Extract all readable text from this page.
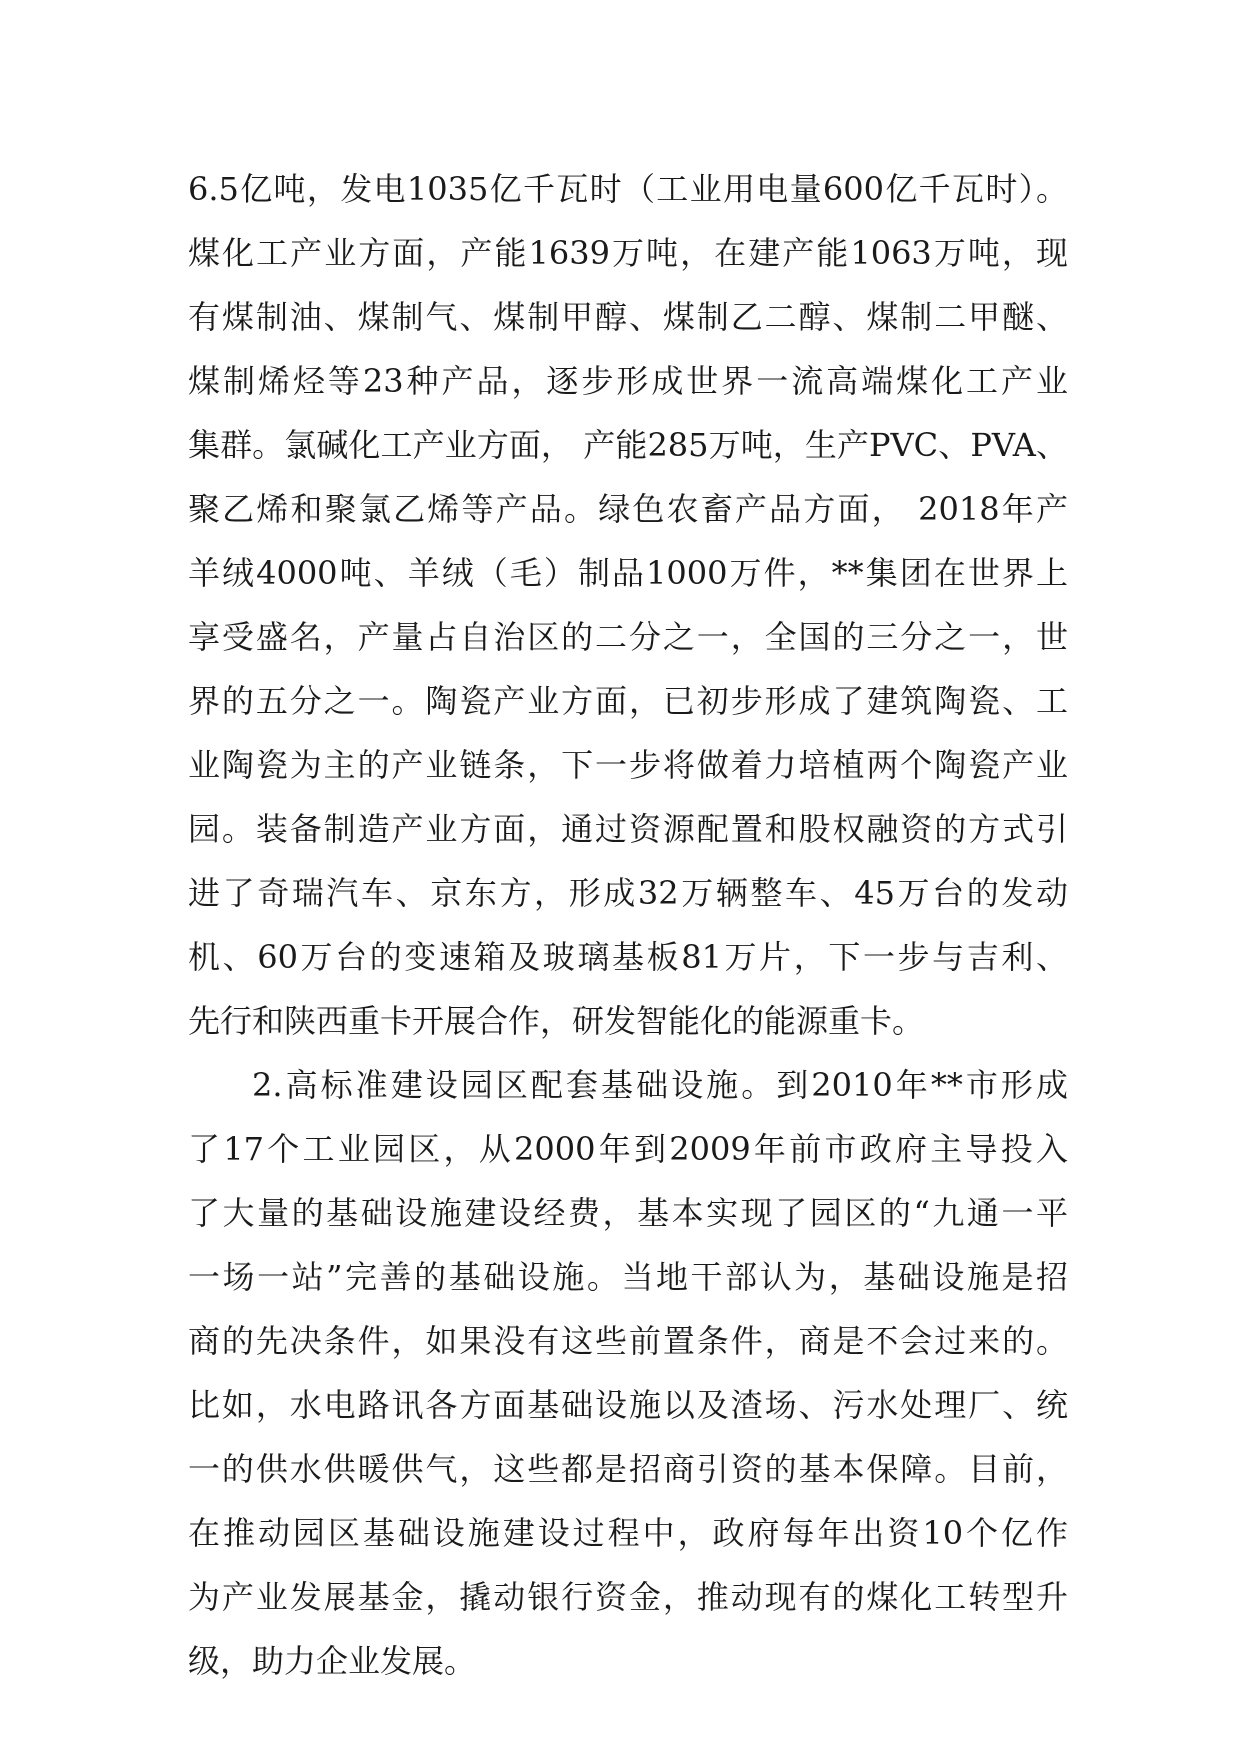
6.5亿吨，发电1035亿千瓦时（工业用电量600亿千瓦时）。

煤化工产业方面，产能1639万吨，在建产能1063万吨，现

有煤制油、煤制气、煤制甲醇、煤制乙二醇、煤制二甲醚、

煤制烯烃等23种产品，逐步形成世界一流高端煤化工产业

集群。氯碱化工产业方面， 产能285万吨，生产PVC、PVA、

聚乙烯和聚氯乙烯等产品。绿色农畜产品方面， 2018年产

羊绒4000吨、羊绒（毛）制品1000万件，**集团在世界上

享受盛名，产量占自治区的二分之一，全国的三分之一，世

界的五分之一。陶瓷产业方面，已初步形成了建筑陶瓷、工

业陶瓷为主的产业链条，下一步将做着力培植两个陶瓷产业

园。装备制造产业方面，通过资源配置和股权融资的方式引

进了奇瑞汽车、京东方，形成32万辆整车、45万台的发动

机、60万台的变速箱及玻璃基板81万片，下一步与吉利、

先行和陕西重卡开展合作，研发智能化的能源重卡。

2.高标准建设园区配套基础设施。到2010年**市形成

了17个工业园区，从2000年到2009年前市政府主导投入

了大量的基础设施建设经费，基本实现了园区的“九通一平

一场一站”完善的基础设施。当地干部认为，基础设施是招

商的先决条件，如果没有这些前置条件，商是不会过来的。

比如，水电路讯各方面基础设施以及渣场、污水处理厂、统

一的供水供暖供气，这些都是招商引资的基本保障。目前，

在推动园区基础设施建设过程中，政府每年出资10个亿作

为产业发展基金，撬动银行资金，推动现有的煤化工转型升

级，助力企业发展。
